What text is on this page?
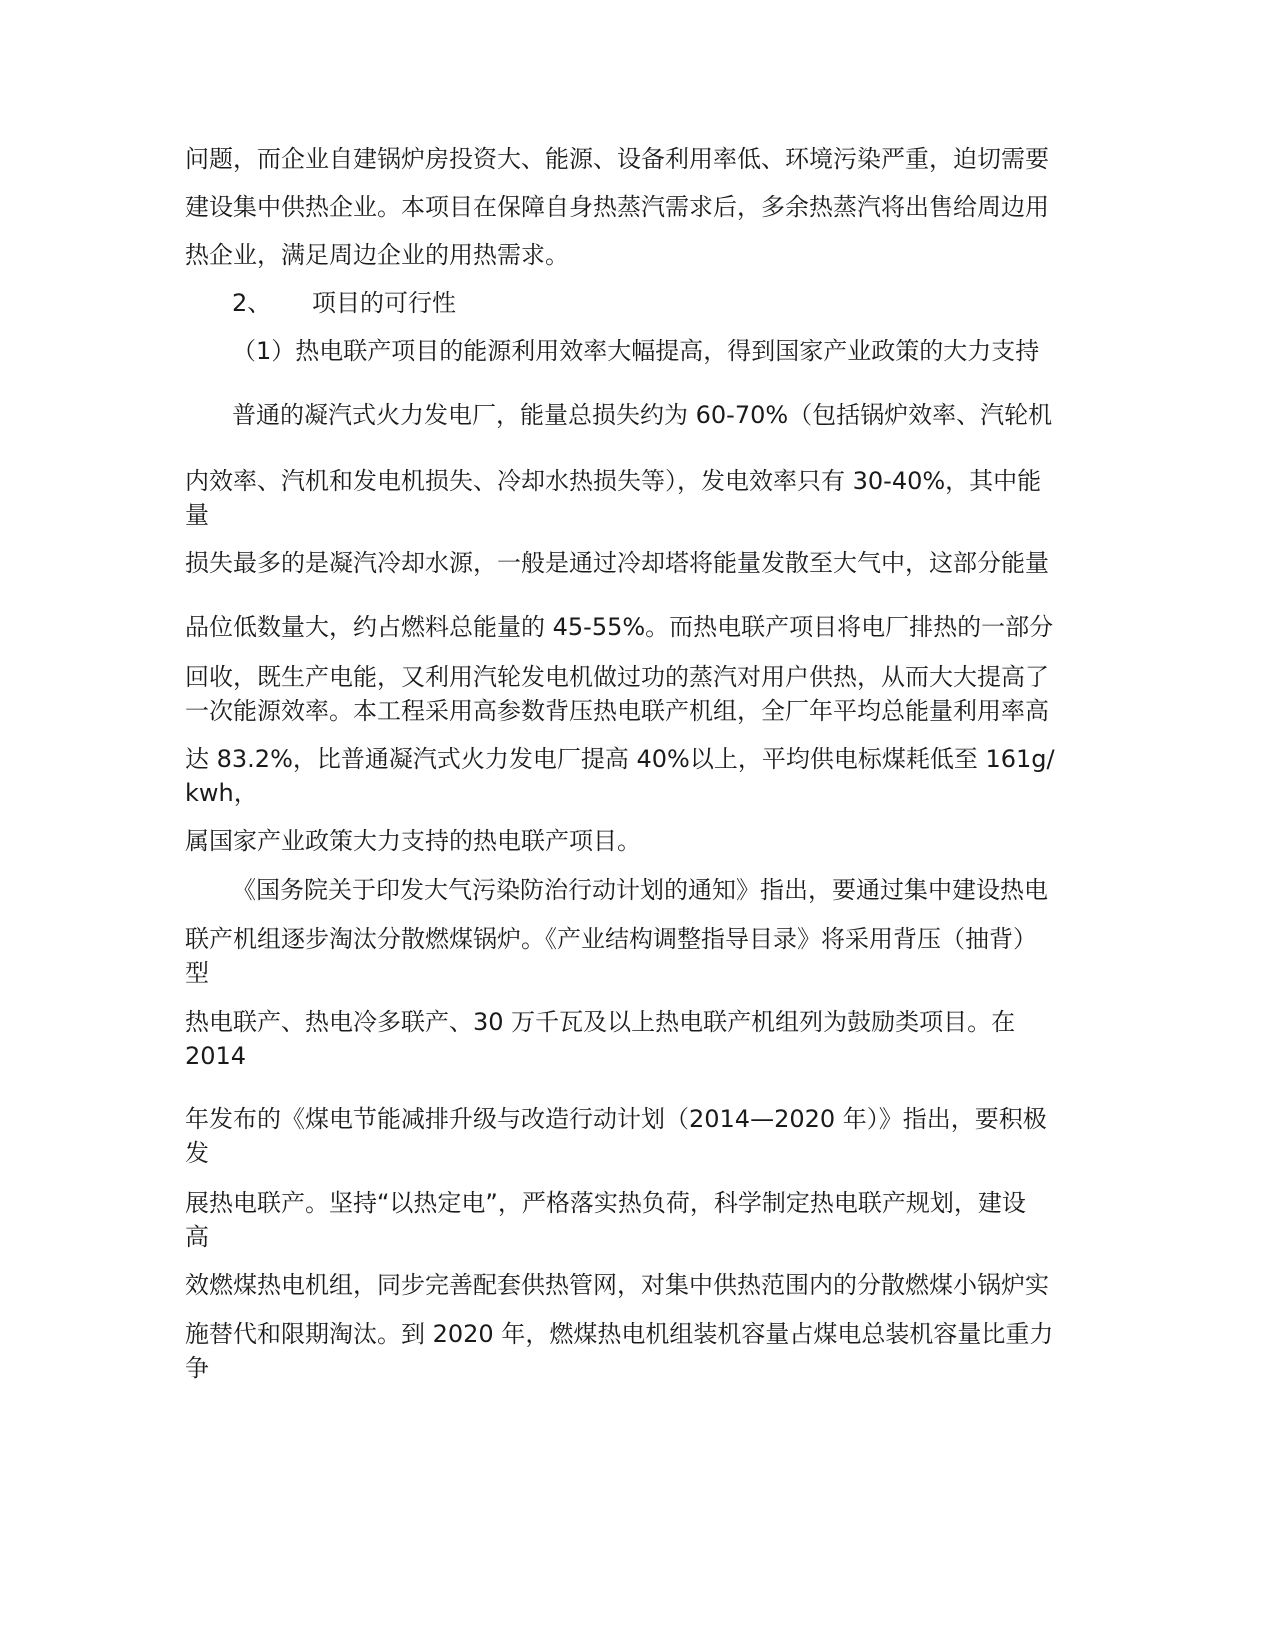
问题，而企业自建锅炉房投资大、能源、设备利用率低、环境污染严重，迫切需要
建设集中供热企业。本项目在保障自身热蒸汽需求后，多余热蒸汽将出售给周边用
热企业，满足周边企业的用热需求。
2、 项目的可行性
（1）热电联产项目的能源利用效率大幅提高，得到国家产业政策的大力支持
普通的凝汽式火力发电厂，能量总损失约为 60-70%（包括锅炉效率、汽轮机
内效率、汽机和发电机损失、冷却水热损失等），发电效率只有 30-40%，其中能
量
损失最多的是凝汽冷却水源，一般是通过冷却塔将能量发散至大气中，这部分能量
品位低数量大，约占燃料总能量的 45-55%。而热电联产项目将电厂排热的一部分
回收，既生产电能，又利用汽轮发电机做过功的蒸汽对用户供热，从而大大提高了
一次能源效率。本工程采用高参数背压热电联产机组，全厂年平均总能量利用率高
达 83.2%，比普通凝汽式火力发电厂提高 40%以上，平均供电标煤耗低至 161g/
kwh，
属国家产业政策大力支持的热电联产项目。
《国务院关于印发大气污染防治行动计划的通知》指出，要通过集中建设热电
联产机组逐步淘汰分散燃煤锅炉。《产业结构调整指导目录》将采用背压（抽背）
型
热电联产、热电冷多联产、30 万千瓦及以上热电联产机组列为鼓励类项目。在
2014
年发布的《煤电节能减排升级与改造行动计划（2014—2020 年）》指出，要积极
发
展热电联产。坚持“以热定电”，严格落实热负荷，科学制定热电联产规划，建设
高
效燃煤热电机组，同步完善配套供热管网，对集中供热范围内的分散燃煤小锅炉实
施替代和限期淘汰。到 2020 年，燃煤热电机组装机容量占煤电总装机容量比重力
争
